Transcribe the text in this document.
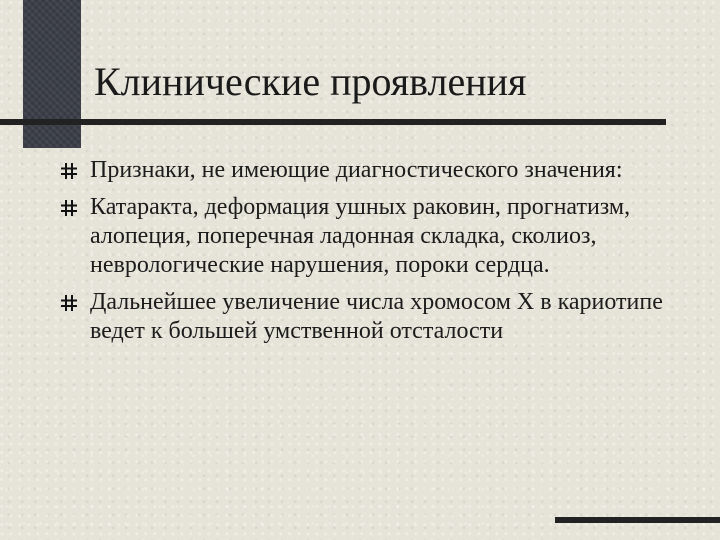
Клинические проявления
Признаки, не имеющие диагностического значения:
Катаракта, деформация ушных раковин, прогнатизм, алопеция, поперечная ладонная складка, сколиоз, неврологические нарушения, пороки сердца.
Дальнейшее увеличение числа хромосом Х в кариотипе ведет к большей умственной отсталости
